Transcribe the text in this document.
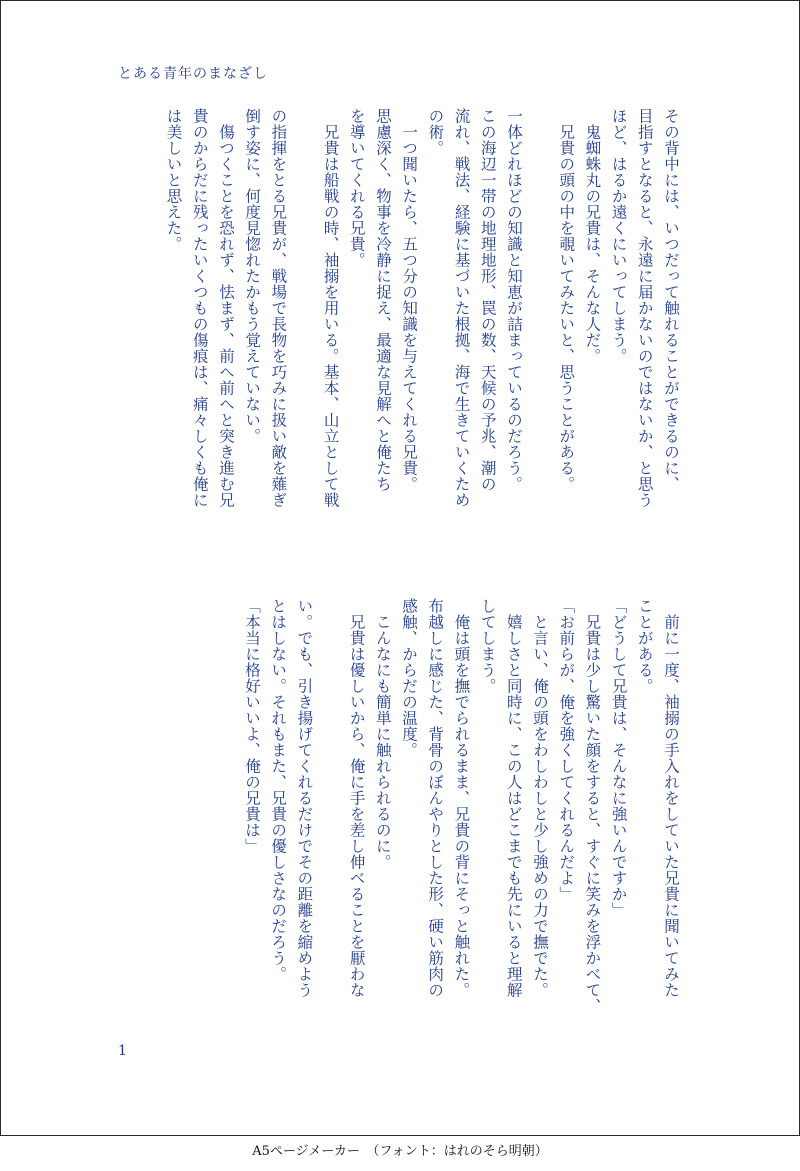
とある青年のまなざし

その背中には、いつだって触れることができるのに、

目指すとなると、永遠に届かないのではないか、と思う

ほど、はるか遠くにいってしまう。

　鬼蜘蛛丸の兄貴は、そんな人だ。

　兄貴の頭の中を覗いてみたいと、思うことがある。

一体どれほどの知識と知恵が詰まっているのだろう。

この海辺一帯の地理地形、罠の数、天候の予兆、潮の

流れ、戦法、経験に基づいた根拠、海で生きていくため

の術。

　一つ聞いたら、五つ分の知識を与えてくれる兄貴。

思慮深く、物事を冷静に捉え、最適な見解へと俺たち

を導いてくれる兄貴。

　兄貴は船戦の時、袖搦を用いる。基本、山立として戦

の指揮をとる兄貴が、戦場で長物を巧みに扱い敵を薙ぎ

倒す姿に、何度見惚れたかもう覚えていない。

　傷つくことを恐れず、怯まず、前へ前へと突き進む兄

貴のからだに残ったいくつもの傷痕は、痛々しくも俺に

は美しいと思えた。

　前に一度、袖搦の手入れをしていた兄貴に聞いてみた

ことがある。

「どうして兄貴は、そんなに強いんですか」

　兄貴は少し驚いた顔をすると、すぐに笑みを浮かべて、

「お前らが、俺を強くしてくれるんだよ」

　と言い、俺の頭をわしわしと少し強めの力で撫でた。

　嬉しさと同時に、この人はどこまでも先にいると理解

してしまう。

　俺は頭を撫でられるまま、兄貴の背にそっと触れた。

布越しに感じた、背骨のぼんやりとした形、硬い筋肉の

感触、からだの温度。

　こんなにも簡単に触れられるのに。

　兄貴は優しいから、俺に手を差し伸べることを厭わな

い。でも、引き揚げてくれるだけでその距離を縮めよう

とはしない。それもまた、兄貴の優しさなのだろう。

「本当に格好いいよ、俺の兄貴は」

1
A5ページメーカー　（フォント：はれのそら明朝）
